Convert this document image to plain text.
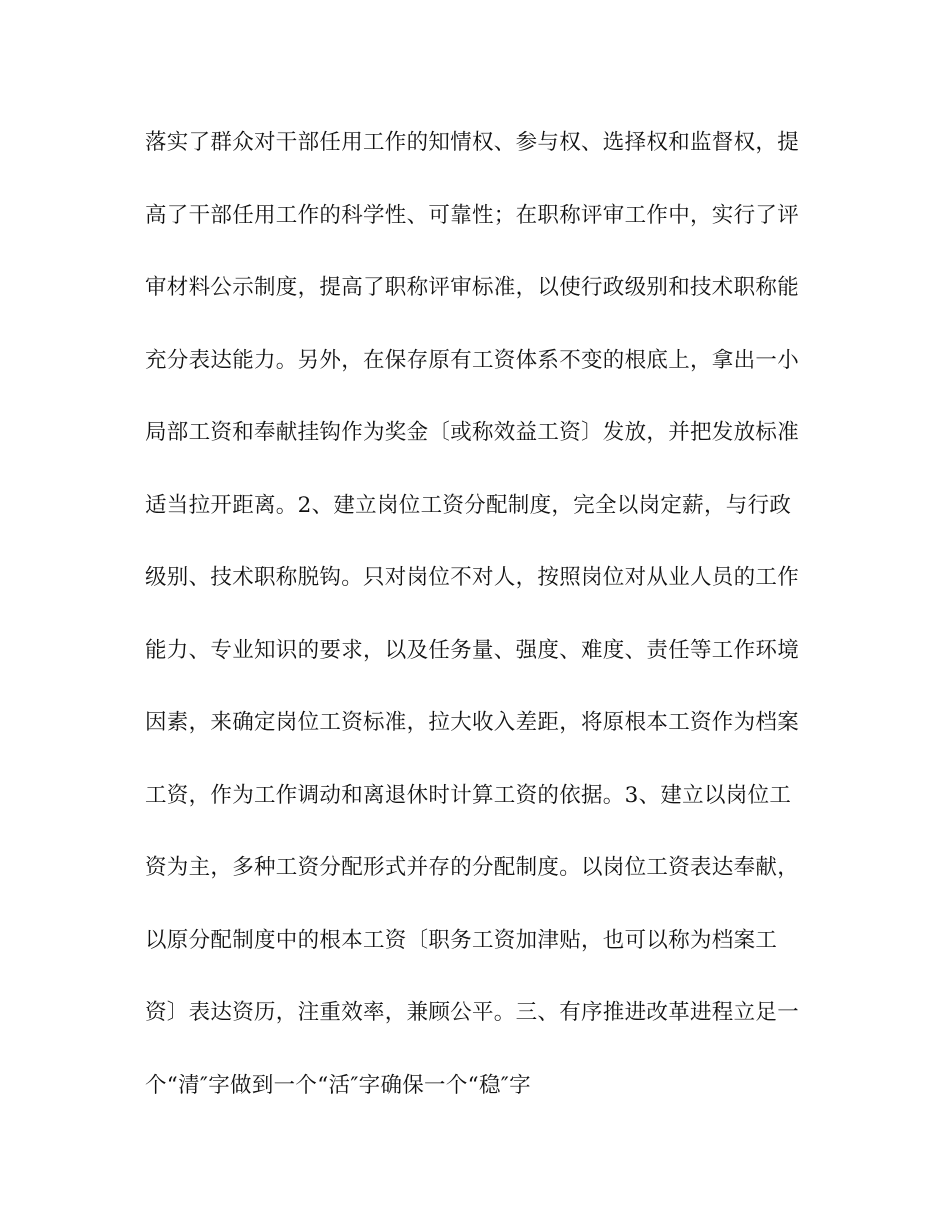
落实了群众对干部任用工作的知情权、参与权、选择权和监督权，提
高了干部任用工作的科学性、可靠性；在职称评审工作中，实行了评
审材料公示制度，提高了职称评审标准，以使行政级别和技术职称能
充分表达能力。另外，在保存原有工资体系不变的根底上，拿出一小
局部工资和奉献挂钩作为奖金〔或称效益工资〕发放，并把发放标准
适当拉开距离。2、建立岗位工资分配制度，完全以岗定薪，与行政
级别、技术职称脱钩。只对岗位不对人，按照岗位对从业人员的工作
能力、专业知识的要求，以及任务量、强度、难度、责任等工作环境
因素，来确定岗位工资标准，拉大收入差距，将原根本工资作为档案
工资，作为工作调动和离退休时计算工资的依据。3、建立以岗位工
资为主，多种工资分配形式并存的分配制度。以岗位工资表达奉献，
以原分配制度中的根本工资〔职务工资加津贴，也可以称为档案工
资〕表达资历，注重效率，兼顾公平。三、有序推进改革进程立足一
个“清″字做到一个“活″字确保一个“稳″字
